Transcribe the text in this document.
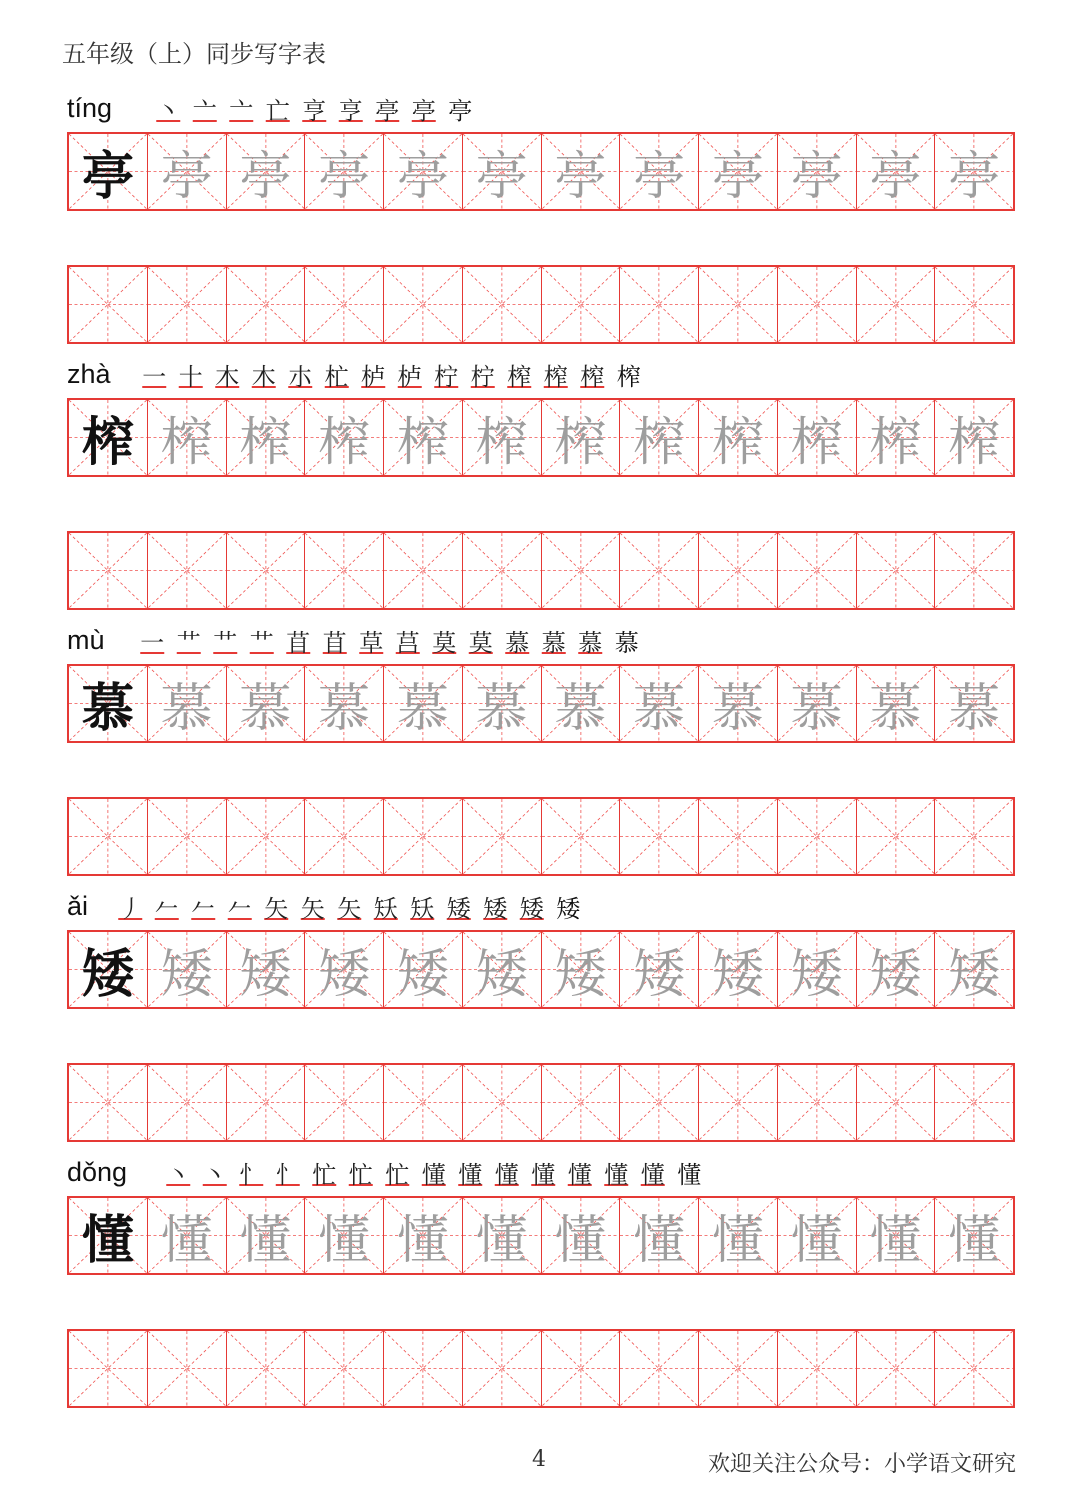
五年级（上）同步写字表
tíng 丶 亠 亠 亡 亨 亨 亭 亭 亭
亭 亭 亭 亭 亭 亭 亭 亭 亭 亭 亭 亭
zhà 一 十 木 木 朩 杧 栌 栌 柠 柠 榨 榨 榨 榨
榨 榨 榨 榨 榨 榨 榨 榨 榨 榨 榨 榨
mù 一 艹 艹 艹 苜 苜 草 莒 莫 莫 慕 慕 慕 慕
慕 慕 慕 慕 慕 慕 慕 慕 慕 慕 慕 慕
ǎi 丿 𠂉 𠂉 𠂉 矢 矢 矢 矨 矨 矮 矮 矮 矮
矮 矮 矮 矮 矮 矮 矮 矮 矮 矮 矮 矮
dǒng 丶 丶 忄 忄 忙 忙 忙 懂 懂 懂 懂 懂 懂 懂 懂
懂 懂 懂 懂 懂 懂 懂 懂 懂 懂 懂 懂
4	欢迎关注公众号：小学语文研究
